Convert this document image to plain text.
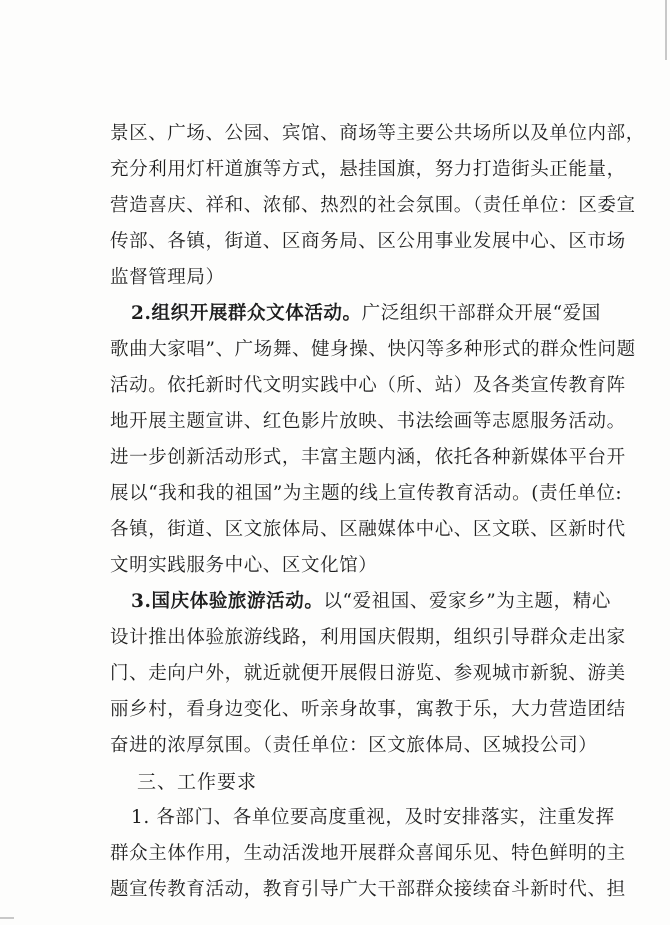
景区、广场、公园、宾馆、商场等主要公共场所以及单位内部，
充分利用灯杆道旗等方式，悬挂国旗，努力打造街头正能量，
营造喜庆、祥和、浓郁、热烈的社会氛围。（责任单位：区委宣
传部、各镇，街道、区商务局、区公用事业发展中心、区市场
监督管理局）
2.组织开展群众文体活动。广泛组织干部群众开展“爱国
歌曲大家唱”、广场舞、健身操、快闪等多种形式的群众性问题
活动。依托新时代文明实践中心（所、站）及各类宣传教育阵
地开展主题宣讲、红色影片放映、书法绘画等志愿服务活动。
进一步创新活动形式，丰富主题内涵，依托各种新媒体平台开
展以“我和我的祖国”为主题的线上宣传教育活动。(责任单位:
各镇，街道、区文旅体局、区融媒体中心、区文联、区新时代
文明实践服务中心、区文化馆）
3.国庆体验旅游活动。以“爱祖国、爱家乡”为主题，精心
设计推出体验旅游线路，利用国庆假期，组织引导群众走出家
门、走向户外，就近就便开展假日游览、参观城市新貌、游美
丽乡村，看身边变化、听亲身故事，寓教于乐，大力营造团结
奋进的浓厚氛围。（责任单位：区文旅体局、区城投公司）
三、工作要求
1. 各部门、各单位要高度重视，及时安排落实，注重发挥
群众主体作用，生动活泼地开展群众喜闻乐见、特色鲜明的主
题宣传教育活动，教育引导广大干部群众接续奋斗新时代、担
